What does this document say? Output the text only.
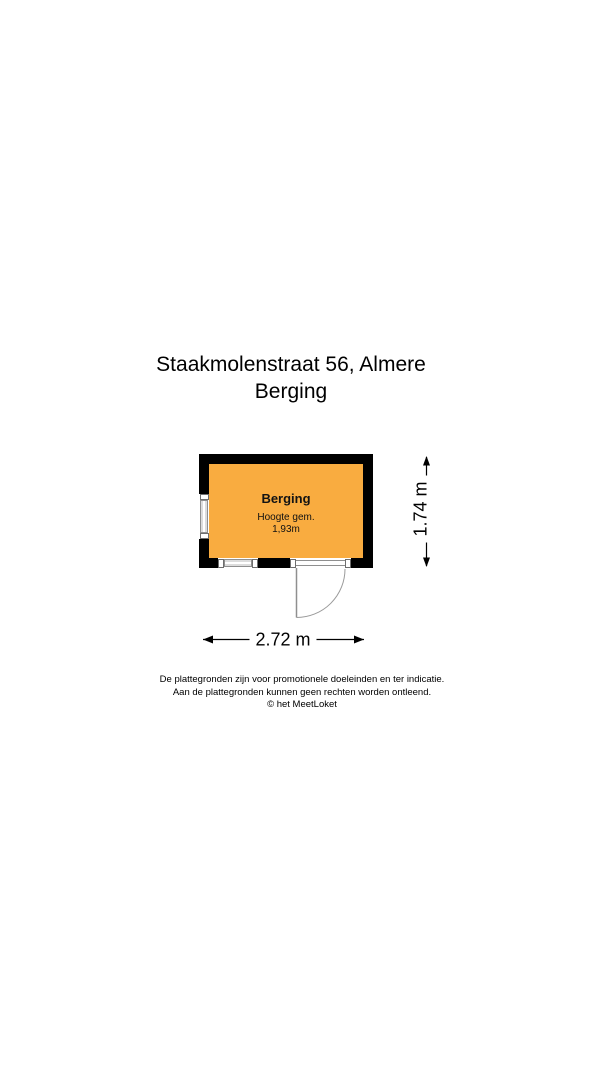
Staakmolenstraat 56, Almere
Berging
Berging
Hoogte gem.
1,93m
2.72 m
1.74 m
De plattegronden zijn voor promotionele doeleinden en ter indicatie.
Aan de plattegronden kunnen geen rechten worden ontleend.
© het MeetLoket
